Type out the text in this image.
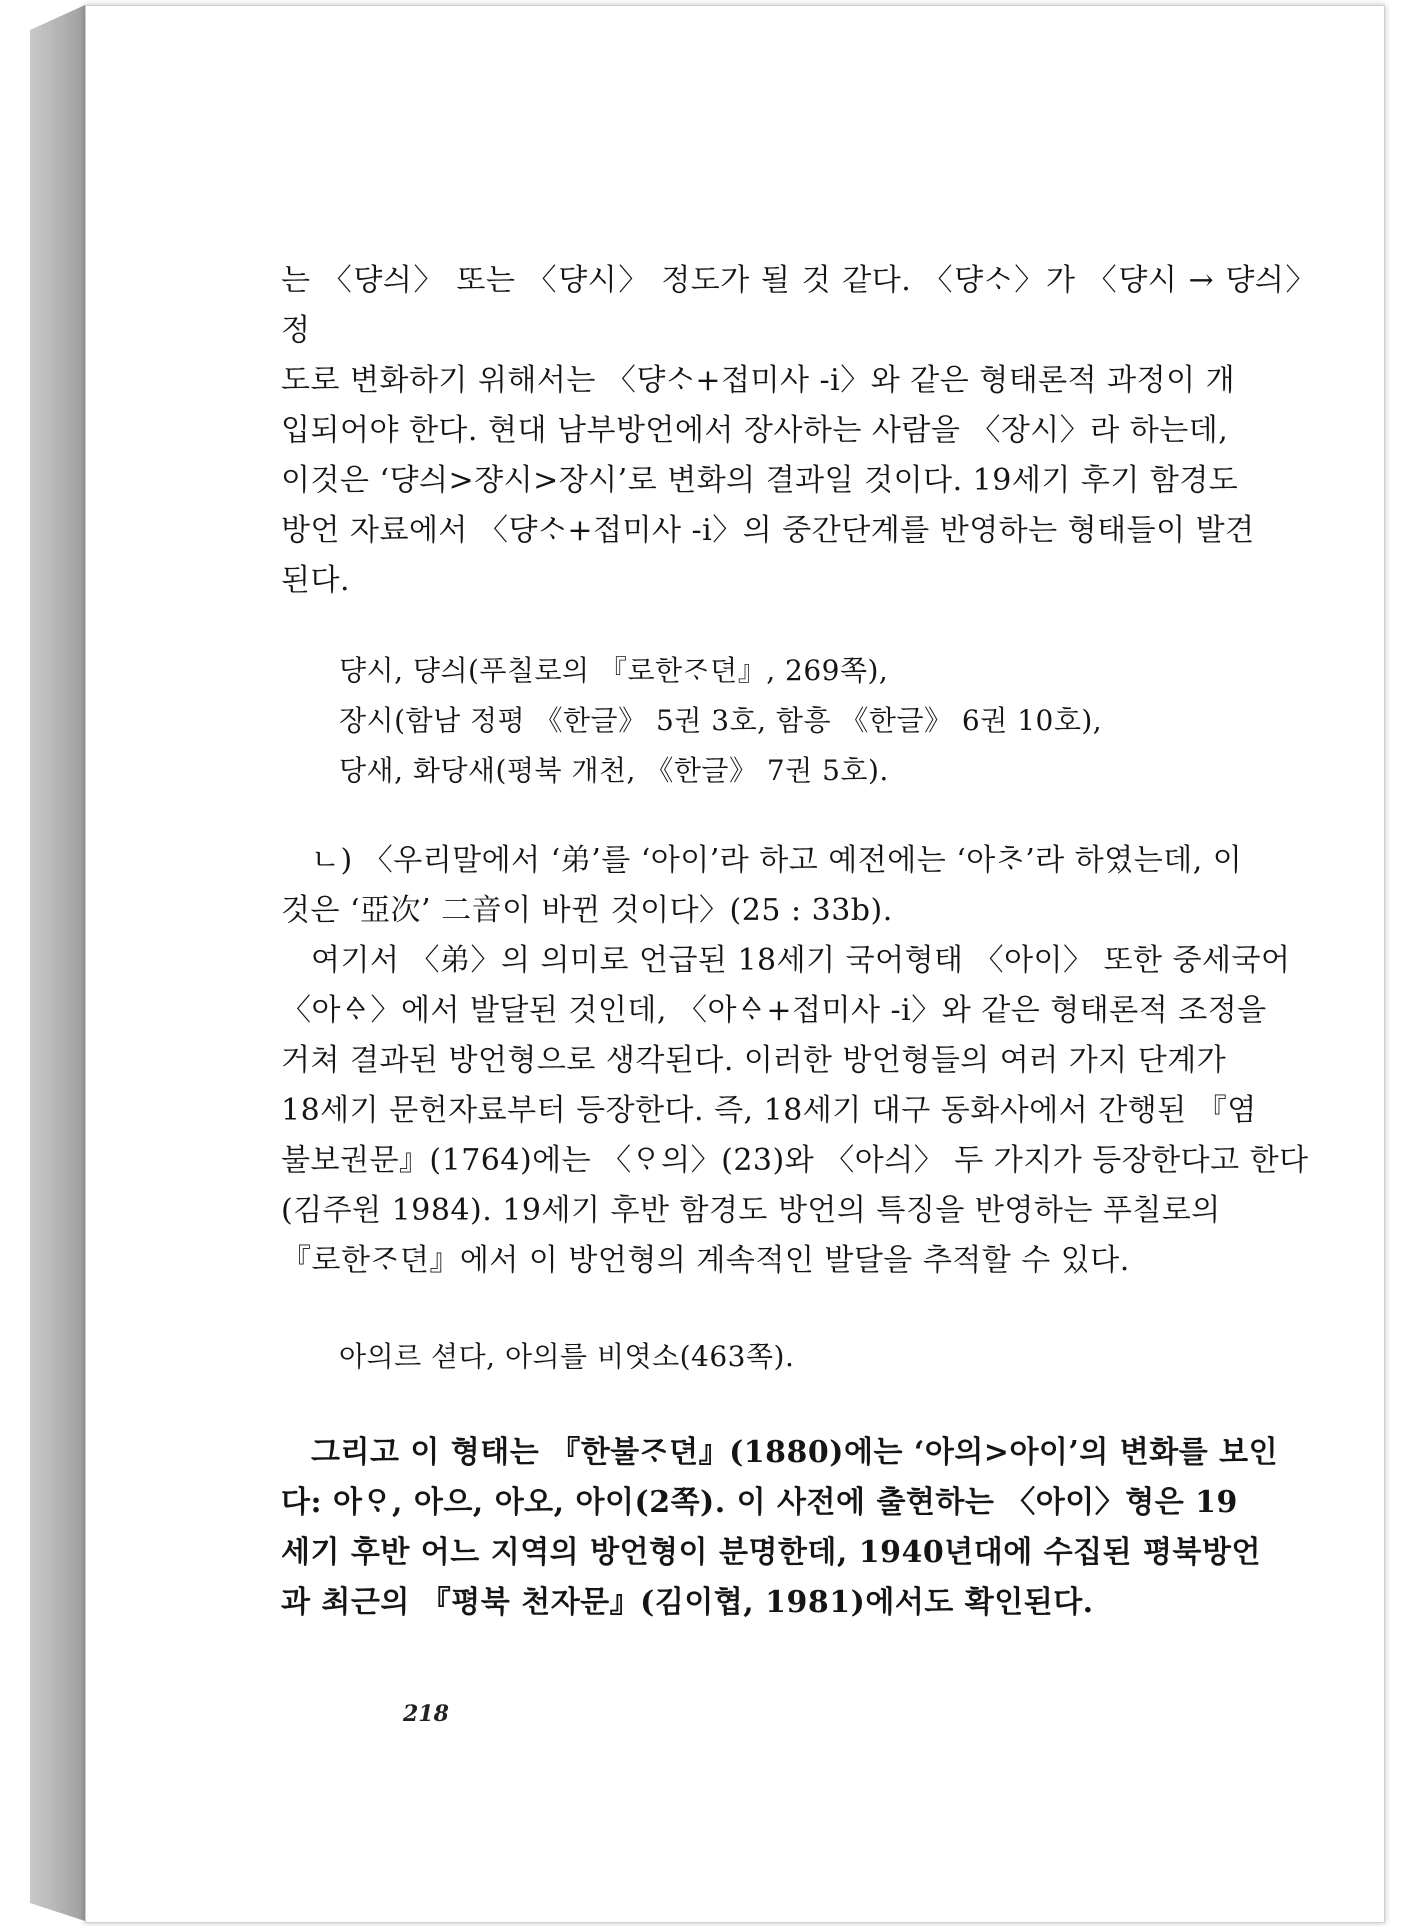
는 〈댱싀〉 또는 〈댱시〉 정도가 될 것 같다. 〈댱ᄉᆞ〉가 〈댱시 → 댱싀〉 정

도로 변화하기 위해서는 〈댱ᄉᆞ+접미사 -i〉와 같은 형태론적 과정이 개

입되어야 한다. 현대 남부방언에서 장사하는 사람을 〈장시〉라 하는데,

이것은 ‘댱싀>쟝시>장시’로 변화의 결과일 것이다. 19세기 후기 함경도

방언 자료에서 〈댱ᄉᆞ+접미사 -i〉의 중간단계를 반영하는 형태들이 발견

된다.

댱시, 댱싀(푸칠로의 『로한ᄌᆞ뎐』, 269쪽),

장시(함남 정평 《한글》 5권 3호, 함흥 《한글》 6권 10호),

당새, 화당새(평북 개천, 《한글》 7권 5호).

ㄴ) 〈우리말에서 ‘弟’를 ‘아이’라 하고 예전에는 ‘아ᄎᆞ’라 하였는데, 이

것은 ‘亞次’ 二音이 바뀐 것이다〉(25 : 33b).

여기서 〈弟〉의 의미로 언급된 18세기 국어형태 〈아이〉 또한 중세국어

〈아ᅀᆞ〉에서 발달된 것인데, 〈아ᅀᆞ+접미사 -i〉와 같은 형태론적 조정을

거쳐 결과된 방언형으로 생각된다. 이러한 방언형들의 여러 가지 단계가

18세기 문헌자료부터 등장한다. 즉, 18세기 대구 동화사에서 간행된 『염

불보권문』(1764)에는 〈ᄋᆞ의〉(23)와 〈아싀〉 두 가지가 등장한다고 한다

(김주원 1984). 19세기 후반 함경도 방언의 특징을 반영하는 푸칠로의

『로한ᄌᆞ뎐』에서 이 방언형의 계속적인 발달을 추적할 수 있다.

아의르 셛다, 아의를 비엿소(463쪽).

그리고 이 형태는 『한불ᄌᆞ뎐』(1880)에는 ‘아의>아이’의 변화를 보인

다: 아ᄋᆞ, 아으, 아오, 아이(2쪽). 이 사전에 출현하는 〈아이〉형은 19

세기 후반 어느 지역의 방언형이 분명한데, 1940년대에 수집된 평북방언

과 최근의 『평북 천자문』(김이협, 1981)에서도 확인된다.

218
